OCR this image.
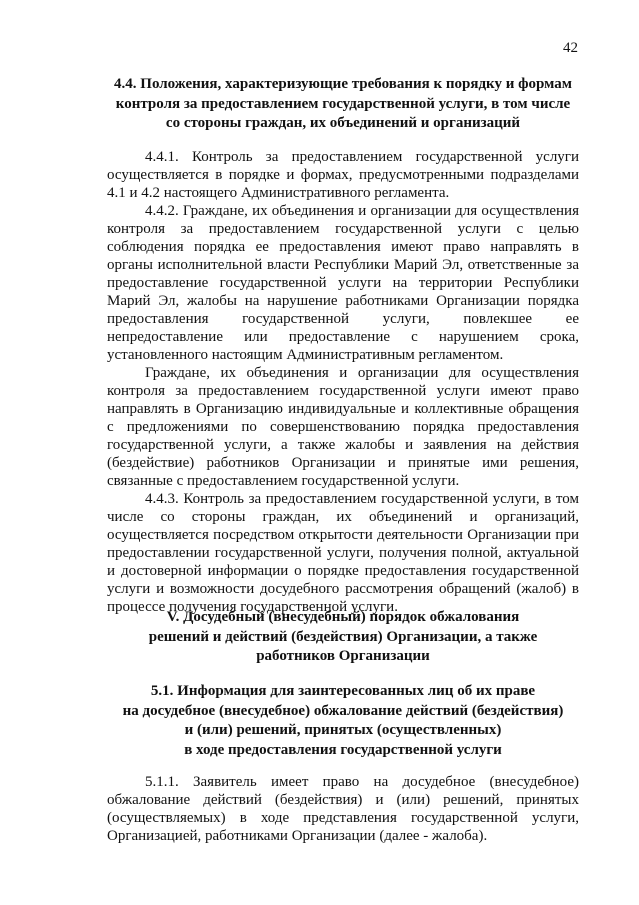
42
4.4. Положения, характеризующие требования к порядку и формам
контроля за предоставлением государственной услуги, в том числе
со стороны граждан, их объединений и организаций

4.4.1. Контроль за предоставлением государственной услуги осуществляется в порядке и формах, предусмотренными подразделами 4.1 и 4.2 настоящего Административного регламента.

4.4.2. Граждане, их объединения и организации для осуществления контроля за предоставлением государственной услуги с целью соблюдения порядка ее предоставления имеют право направлять в органы исполнительной власти Республики Марий Эл, ответственные за предоставление государственной услуги на территории Республики Марий Эл, жалобы на нарушение работниками Организации порядка предоставления государственной услуги, повлекшее ее непредоставление или предоставление с нарушением срока, установленного настоящим Административным регламентом.

Граждане, их объединения и организации для осуществления контроля за предоставлением государственной услуги имеют право направлять в Организацию индивидуальные и коллективные обращения с предложениями по совершенствованию порядка предоставления государственной услуги, а также жалобы и заявления на действия (бездействие) работников Организации и принятые ими решения, связанные с предоставлением государственной услуги.

4.4.3. Контроль за предоставлением государственной услуги, в том числе со стороны граждан, их объединений и организаций, осуществляется посредством открытости деятельности Организации при предоставлении государственной услуги, получения полной, актуальной и достоверной информации о порядке предоставления государственной услуги и возможности досудебного рассмотрения обращений (жалоб) в процессе получения государственной услуги.

V. Досудебный (внесудебный) порядок обжалования
решений и действий (бездействия) Организации, а также
работников Организации
5.1. Информация для заинтересованных лиц об их праве
на досудебное (внесудебное) обжалование действий (бездействия)
и (или) решений, принятых (осуществленных)
в ходе предоставления государственной услуги

5.1.1. Заявитель имеет право на досудебное (внесудебное) обжалование действий (бездействия) и (или) решений, принятых (осуществляемых) в ходе представления государственной услуги, Организацией, работниками Организации (далее - жалоба).
